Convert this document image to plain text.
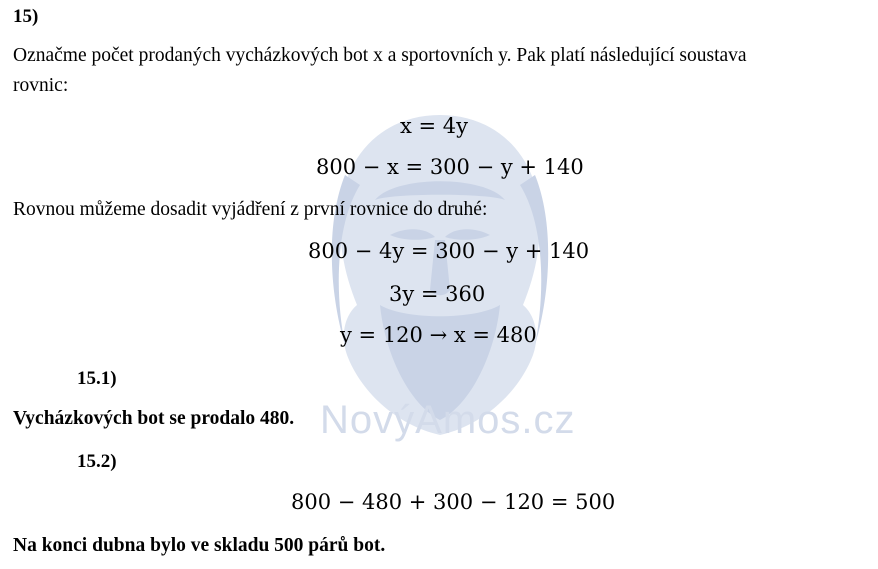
NovýAmos.cz
15)
Označme počet prodaných vycházkových bot x a sportovních y. Pak platí následující soustava
rovnic:
x = 4y
800 − x = 300 − y + 140
Rovnou můžeme dosadit vyjádření z první rovnice do druhé:
800 − 4y = 300 − y + 140
3y = 360
y = 120 → x = 480
15.1)
Vycházkových bot se prodalo 480.
15.2)
800 − 480 + 300 − 120 = 500
Na konci dubna bylo ve skladu 500 párů bot.
